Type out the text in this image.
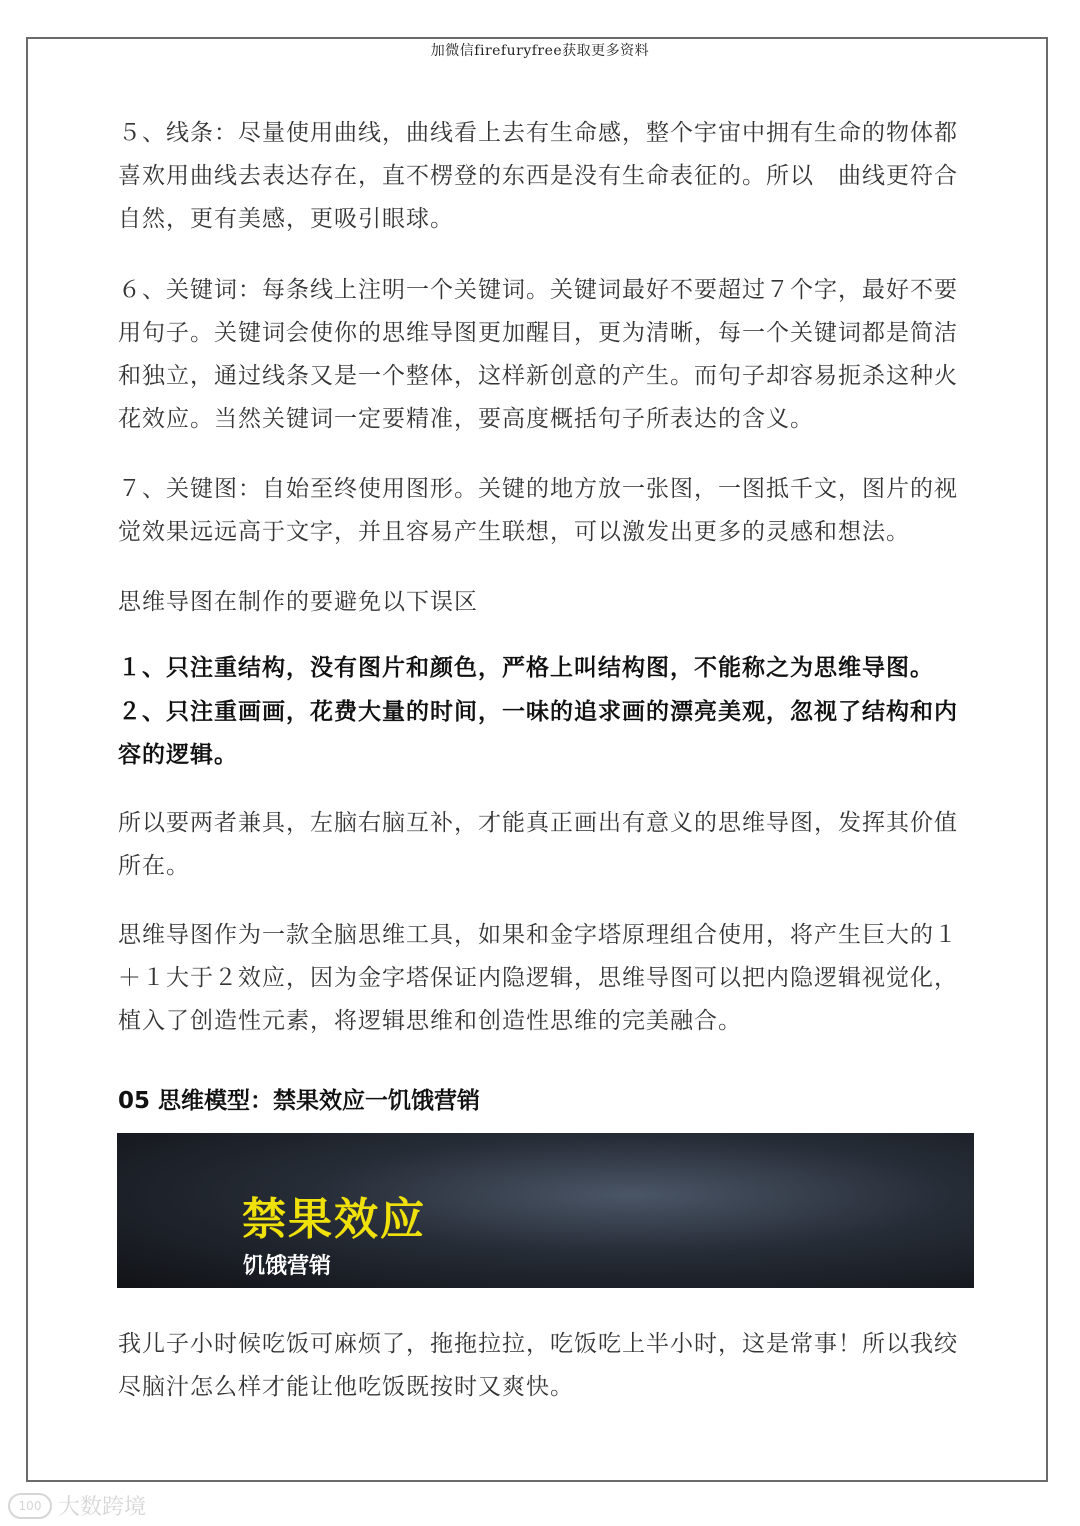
加微信firefuryfree获取更多资料

５、线条：尽量使用曲线，曲线看上去有生命感，整个宇宙中拥有生命的物体都喜欢用曲线去表达存在，直不楞登的东西是没有生命表征的。所以　曲线更符合自然，更有美感，更吸引眼球。

６、关键词：每条线上注明一个关键词。关键词最好不要超过７个字，最好不要用句子。关键词会使你的思维导图更加醒目，更为清晰，每一个关键词都是简洁和独立，通过线条又是一个整体，这样新创意的产生。而句子却容易扼杀这种火花效应。当然关键词一定要精准，要高度概括句子所表达的含义。

７、关键图：自始至终使用图形。关键的地方放一张图，一图抵千文，图片的视觉效果远远高于文字，并且容易产生联想，可以激发出更多的灵感和想法。

思维导图在制作的要避免以下误区

１、只注重结构，没有图片和颜色，严格上叫结构图，不能称之为思维导图。

２、只注重画画，花费大量的时间，一味的追求画的漂亮美观，忽视了结构和内容的逻辑。

所以要两者兼具，左脑右脑互补，才能真正画出有意义的思维导图，发挥其价值所在。

思维导图作为一款全脑思维工具，如果和金字塔原理组合使用，将产生巨大的１＋１大于２效应，因为金字塔保证内隐逻辑，思维导图可以把内隐逻辑视觉化，植入了创造性元素，将逻辑思维和创造性思维的完美融合。

05 思维模型：禁果效应一饥饿营销

禁果效应

饥饿营销

我儿子小时候吃饭可麻烦了，拖拖拉拉，吃饭吃上半小时，这是常事！所以我绞尽脑汁怎么样才能让他吃饭既按时又爽快。

100 大数跨境
